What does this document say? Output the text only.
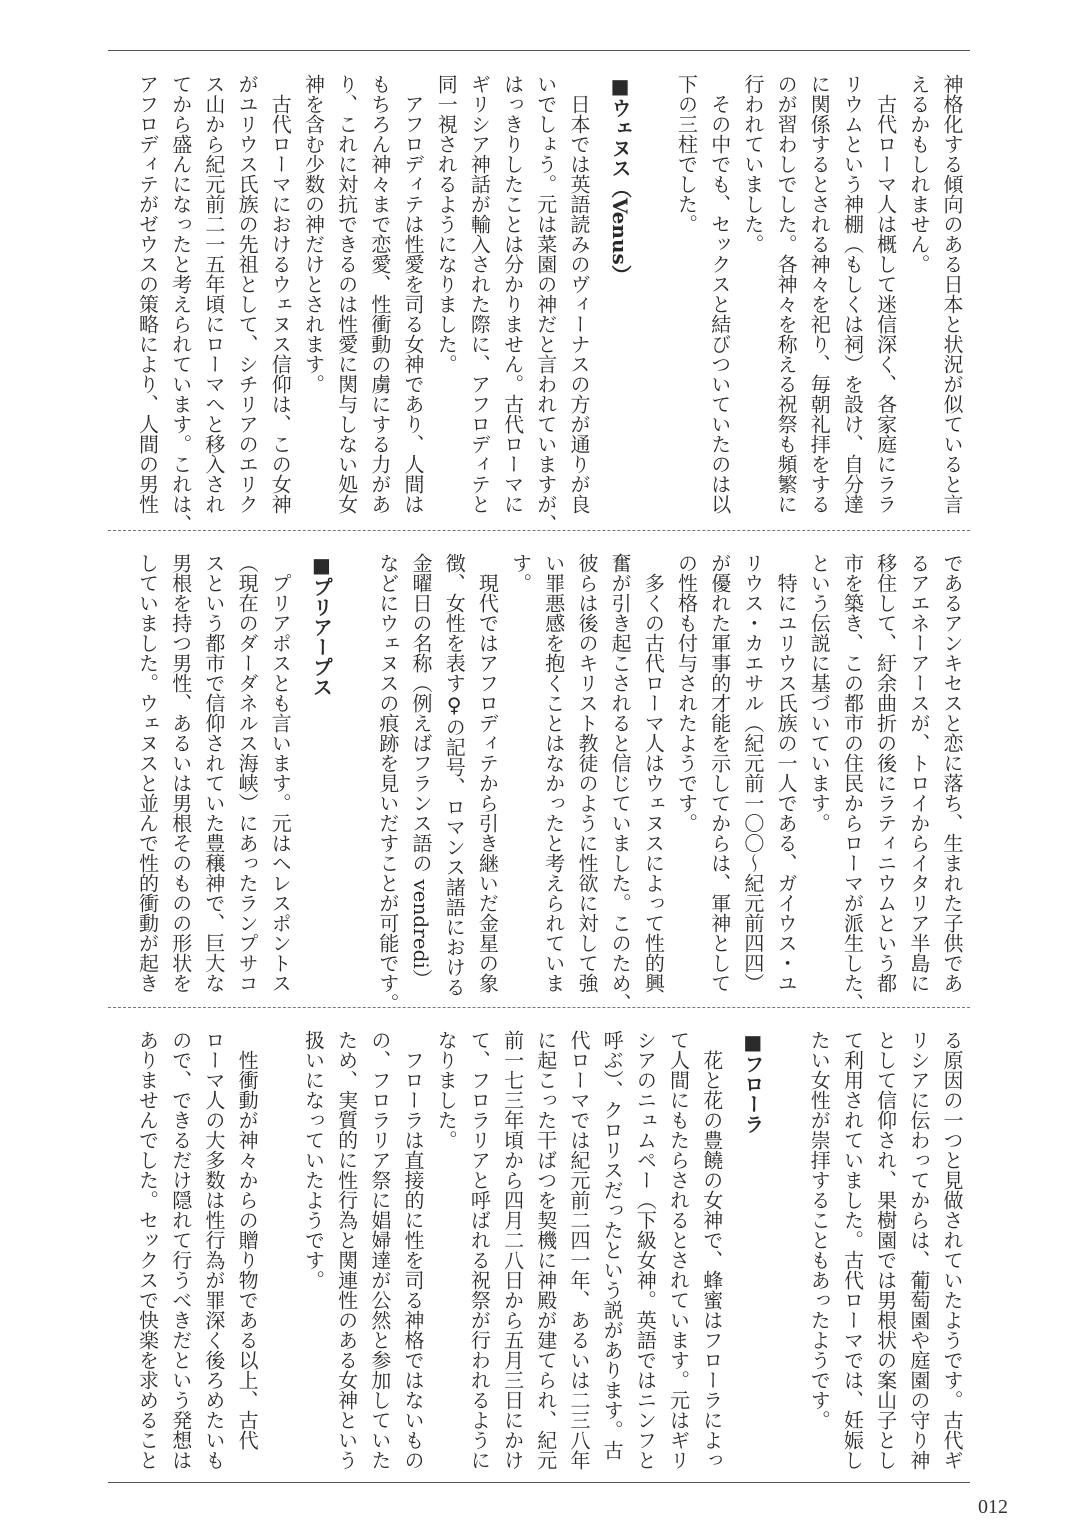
神格化する傾向のある日本と状況が似ていると言
えるかもしれません。
　古代ローマ人は概して迷信深く、各家庭にララ
リウムという神棚（もしくは祠）を設け、自分達
に関係するとされる神々を祀り、毎朝礼拝をする
のが習わしでした。各神々を称える祝祭も頻繁に
行われていました。
　その中でも、セックスと結びついていたのは以
下の三柱でした。
■ウェヌス（Venus）
　日本では英語読みのヴィーナスの方が通りが良
いでしょう。元は菜園の神だと言われていますが、
はっきりしたことは分かりません。古代ローマに
ギリシア神話が輸入された際に、アフロディテと
同一視されるようになりました。
　アフロディテは性愛を司る女神であり、人間は
もちろん神々まで恋愛、性衝動の虜にする力があ
り、これに対抗できるのは性愛に関与しない処女
神を含む少数の神だけとされます。
　古代ローマにおけるウェヌス信仰は、この女神
がユリウス氏族の先祖として、シチリアのエリク
ス山から紀元前二一五年頃にローマへと移入され
てから盛んになったと考えられています。これは、
アフロディテがゼウスの策略により、人間の男性
であるアンキセスと恋に落ち、生まれた子供であ
るアエネーアースが、トロイからイタリア半島に
移住して、紆余曲折の後にラティニウムという都
市を築き、この都市の住民からローマが派生した、
という伝説に基づいています。
　特にユリウス氏族の一人である、ガイウス・ユ
リウス・カエサル（紀元前一〇〇～紀元前四四）
が優れた軍事的才能を示してからは、軍神として
の性格も付与されたようです。
　多くの古代ローマ人はウェヌスによって性的興
奮が引き起こされると信じていました。このため、
彼らは後のキリスト教徒のように性欲に対して強
い罪悪感を抱くことはなかったと考えられていま
す。
　現代ではアフロディテから引き継いだ金星の象
徴、女性を表す♀の記号、ロマンス諸語における
金曜日の名称（例えばフランス語の vendredi）
などにウェヌスの痕跡を見いだすことが可能です。
■プリアープス
　プリアポスとも言います。元はヘレスポントス
（現在のダーダネルス海峡）にあったランプサコ
スという都市で信仰されていた豊穣神で、巨大な
男根を持つ男性、あるいは男根そのものの形状を
していました。ウェヌスと並んで性的衝動が起き
る原因の一つと見做されていたようです。古代ギ
リシアに伝わってからは、葡萄園や庭園の守り神
として信仰され、果樹園では男根状の案山子とし
て利用されていました。古代ローマでは、妊娠し
たい女性が崇拝することもあったようです。
■フローラ
　花と花の豊饒の女神で、蜂蜜はフローラによっ
て人間にもたらされるとされています。元はギリ
シアのニュムペー（下級女神。英語ではニンフと
呼ぶ）、クロリスだったという説があります。古
代ローマでは紀元前二四一年、あるいは二三八年
に起こった干ばつを契機に神殿が建てられ、紀元
前一七三年頃から四月二八日から五月三日にかけ
て、フロラリアと呼ばれる祝祭が行われるように
なりました。
　フローラは直接的に性を司る神格ではないもの
の、フロラリア祭に娼婦達が公然と参加していた
ため、実質的に性行為と関連性のある女神という
扱いになっていたようです。
　性衝動が神々からの贈り物である以上、古代
ローマ人の大多数は性行為が罪深く後ろめたいも
ので、できるだけ隠れて行うべきだという発想は
ありませんでした。セックスで快楽を求めること
012
